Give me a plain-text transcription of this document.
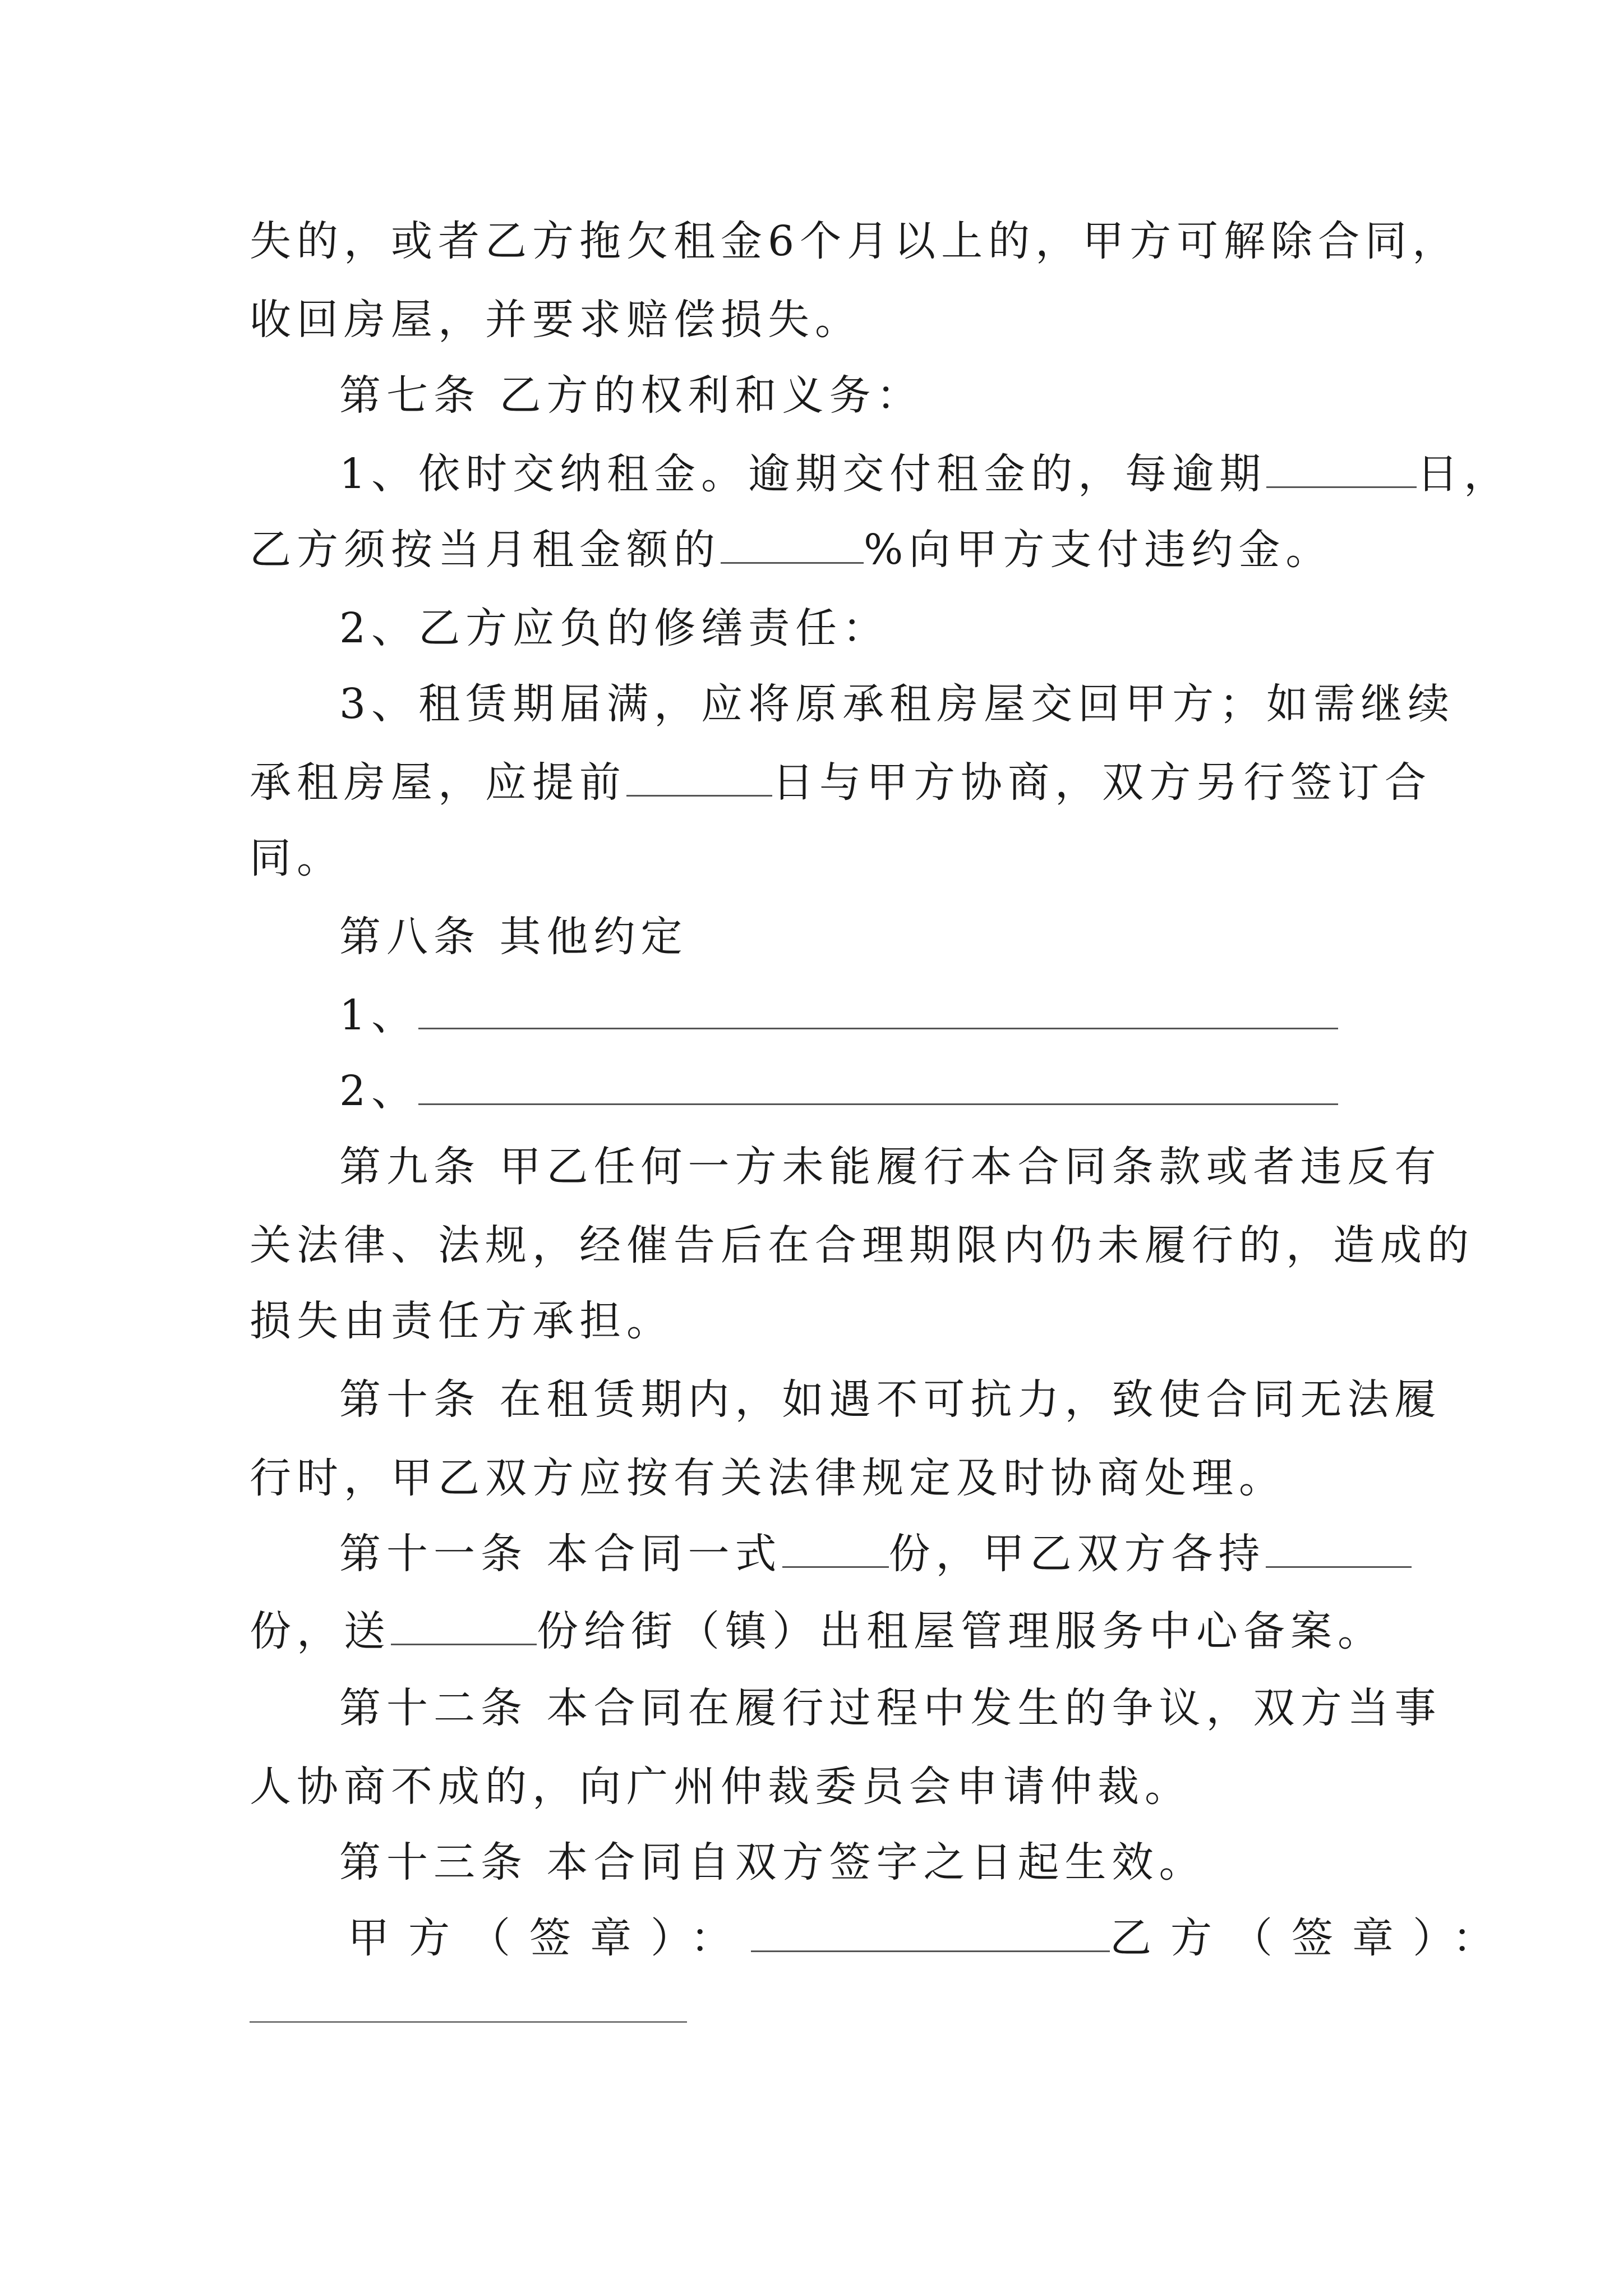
失的，或者乙方拖欠租金6个月以上的，甲方可解除合同，
收回房屋，并要求赔偿损失。
第七条 乙方的权利和义务：
1、依时交纳租金。逾期交付租金的，每逾期	日，
乙方须按当月租金额的	%向甲方支付违约金。
2、乙方应负的修缮责任：
3、租赁期届满，应将原承租房屋交回甲方；如需继续
承租房屋，应提前	日与甲方协商，双方另行签订合
同。
第八条 其他约定
1、
2、
第九条 甲乙任何一方未能履行本合同条款或者违反有
关法律、法规，经催告后在合理期限内仍未履行的，造成的
损失由责任方承担。
第十条 在租赁期内，如遇不可抗力，致使合同无法履
行时，甲乙双方应按有关法律规定及时协商处理。
第十一条 本合同一式	份，甲乙双方各持
份，送	份给街（镇）出租屋管理服务中心备案。
第十二条 本合同在履行过程中发生的争议，双方当事
人协商不成的，向广州仲裁委员会申请仲裁。
第十三条 本合同自双方签字之日起生效。
甲方（签章）：	乙方（签章）：
